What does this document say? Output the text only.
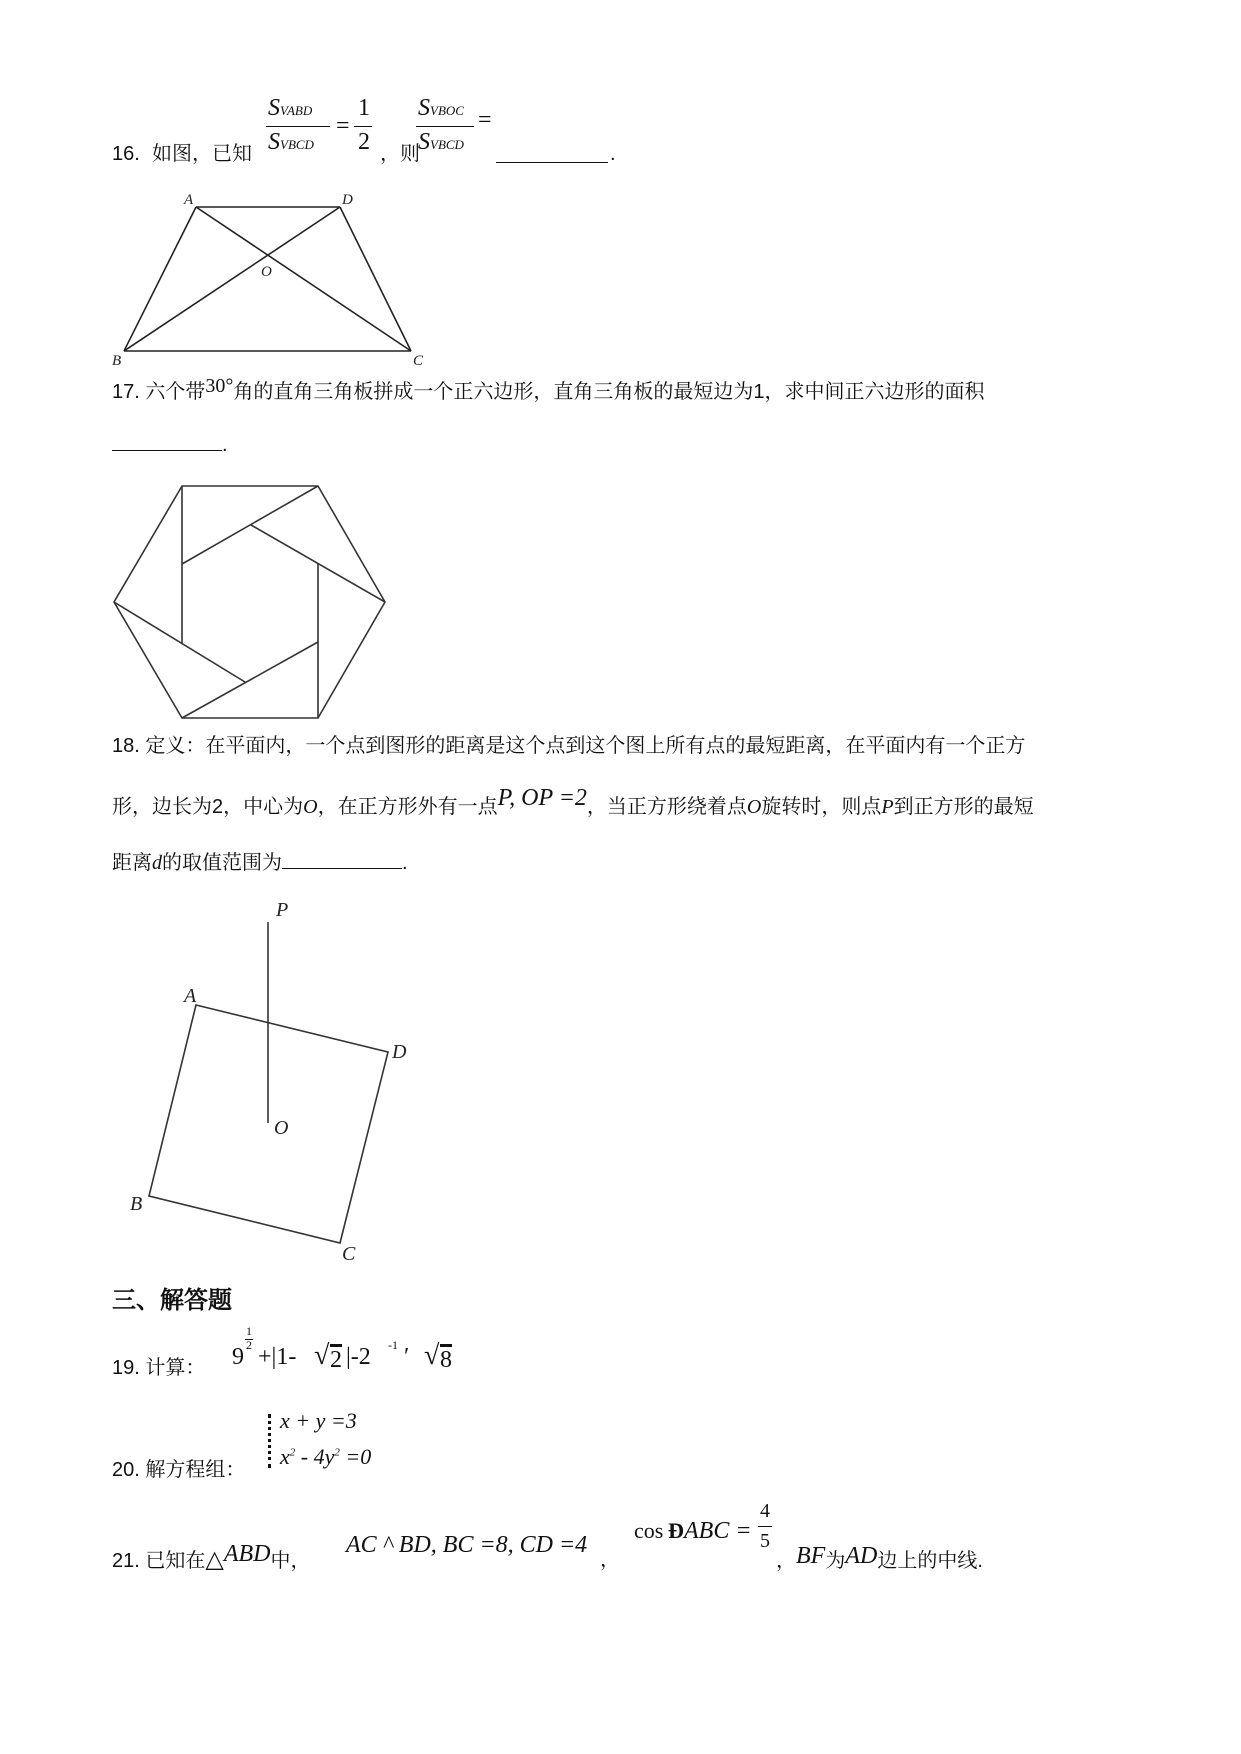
16. 如图，已知
SVABD
SVBCD
=
1
2 ，则
SVBOC
SVBCD
=
.
A	D
O
B	C
17. 六个带30°角的直角三角板拼成一个正六边形，直角三角板的最短边为1，求中间正六边形的面积
.
18. 定义：在平面内，一个点到图形的距离是这个点到这个图上所有点的最短距离，在平面内有一个正方
形，边长为2，中心为O，在正方形外有一点P, OP =2，当正方形绕着点O旋转时，则点P到正方形的最短
距离d的取值范围为	.
P
A
D
O
B
C
三、解答题
19. 计算： 9
1
2 +|1- √ 2 |-2 -1 ′ √ 8
20. 解方程组：
x + y =3
$x^2 - 4y^2 =0$
21. 已知在△ABD中，
AC ^ BD, BC =8, CD =4
，
cos Ð ABC =
4
5
，BF为AD边上的中线.
